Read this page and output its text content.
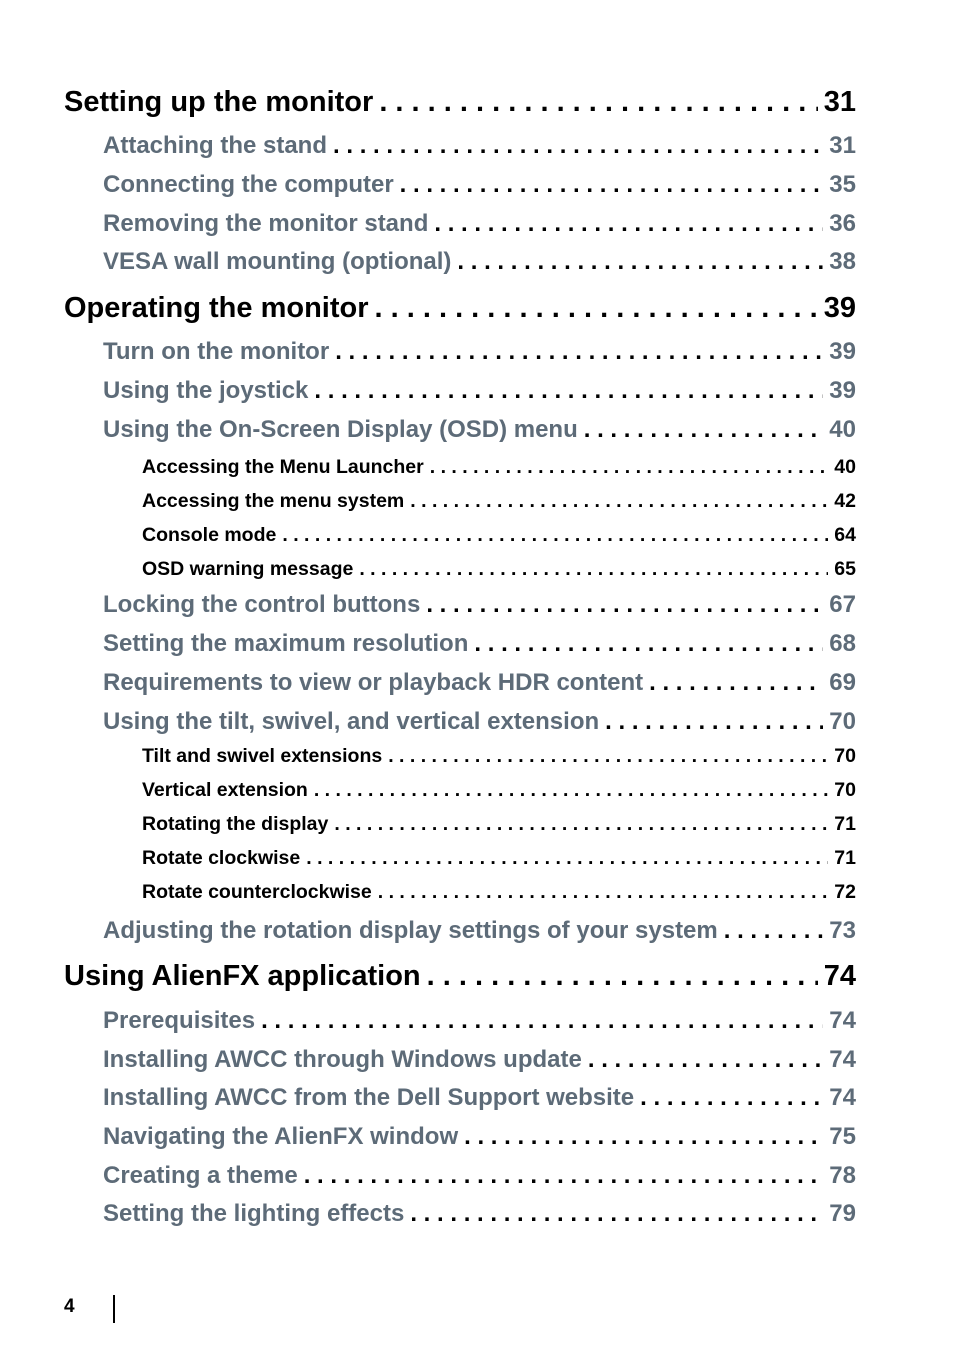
Setting up the monitor . . .	31
Attaching the stand . . .	31
Connecting the computer . . .	35
Removing the monitor stand . . .	36
VESA wall mounting (optional) . . .	38
Operating the monitor . . .	39
Turn on the monitor . . .	39
Using the joystick . . .	39
Using the On-Screen Display (OSD) menu . . .	40
Accessing the Menu Launcher . . .	40
Accessing the menu system . . .	42
Console mode . . .	64
OSD warning message . . .	65
Locking the control buttons . . .	67
Setting the maximum resolution . . .	68
Requirements to view or playback HDR content . . .	69
Using the tilt, swivel, and vertical extension . . .	70
Tilt and swivel extensions . . .	70
Vertical extension . . .	70
Rotating the display . . .	71
Rotate clockwise . . .	71
Rotate counterclockwise . . .	72
Adjusting the rotation display settings of your system . . .	73
Using AlienFX application . . .	74
Prerequisites . . .	74
Installing AWCC through Windows update . . .	74
Installing AWCC from the Dell Support website . . .	74
Navigating the AlienFX window . . .	75
Creating a theme . . .	78
Setting the lighting effects . . .	79
4
